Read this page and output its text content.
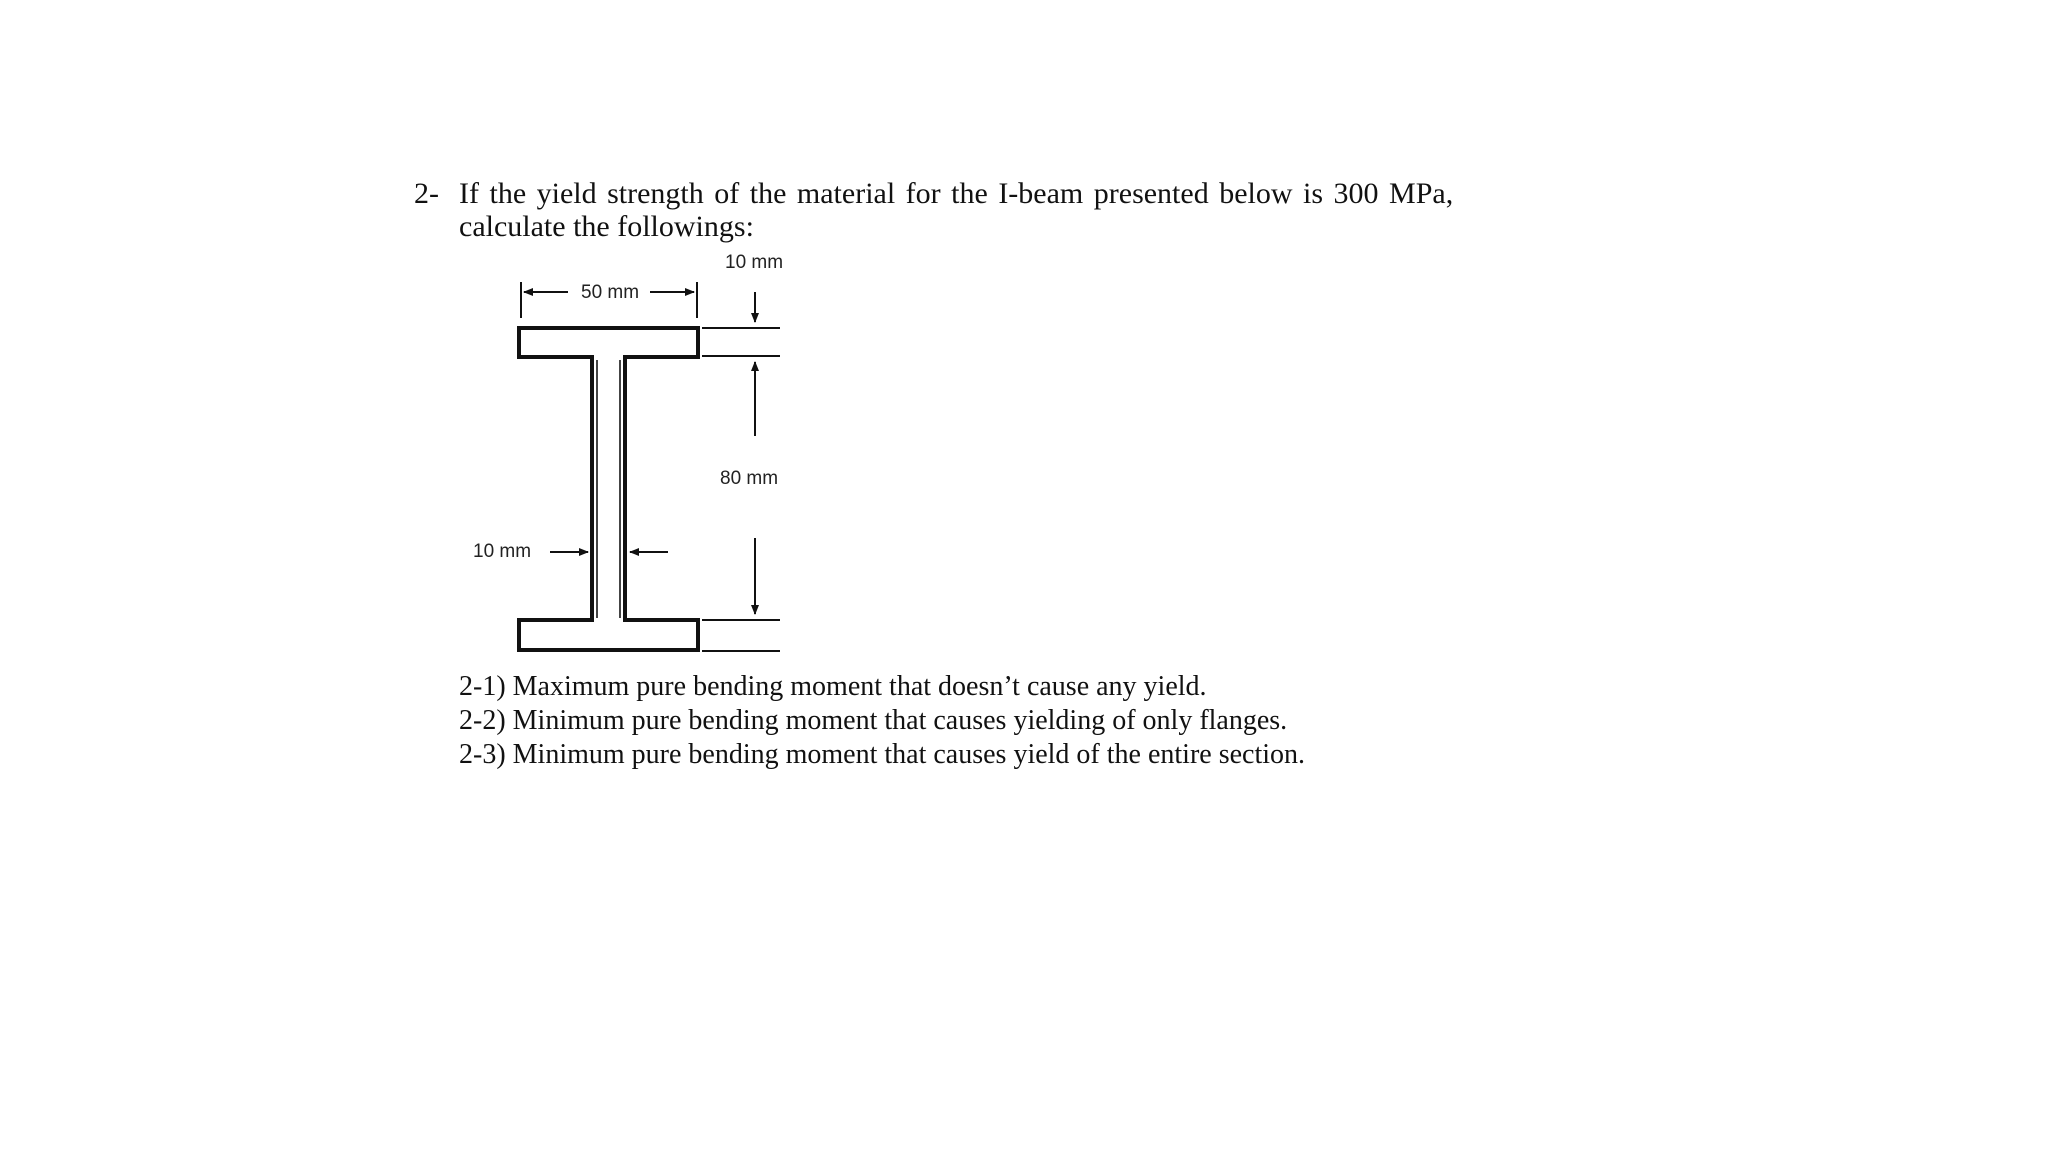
2- If the yield strength of the material for the I-beam presented below is 300 MPa,
calculate the followings:
50 mm
10 mm
80 mm
10 mm
2-1) Maximum pure bending moment that doesn’t cause any yield.
2-2) Minimum pure bending moment that causes yielding of only flanges.
2-3) Minimum pure bending moment that causes yield of the entire section.
